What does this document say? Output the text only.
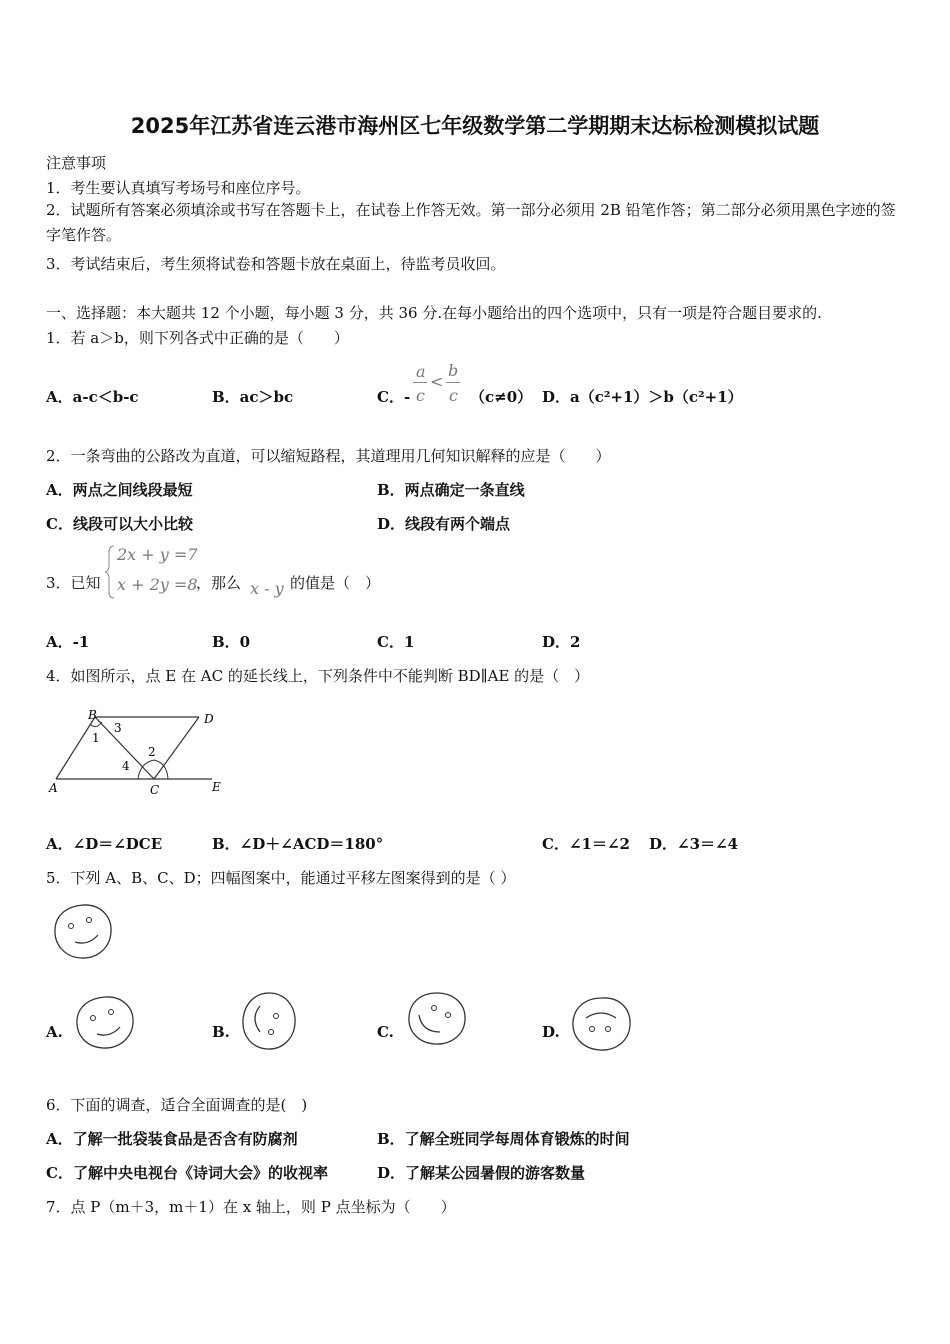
2025年江苏省连云港市海州区七年级数学第二学期期末达标检测模拟试题
注意事项
1．考生要认真填写考场号和座位序号。
2．试题所有答案必须填涂或书写在答题卡上，在试卷上作答无效。第一部分必须用 2B 铅笔作答；第二部分必须用黑色字迹的签字笔作答。
3．考试结束后，考生须将试卷和答题卡放在桌面上，待监考员收回。
一、选择题：本大题共 12 个小题，每小题 3 分，共 36 分.在每小题给出的四个选项中，只有一项是符合题目要求的.
1．若 a＞b，则下列各式中正确的是（　　）
A．a-c＜b-c	B．ac＞bc	C．-
a
c
<
b
c （c≠0） D．a（c²+1）＞b（c²+1）
2．一条弯曲的公路改为直道，可以缩短路程，其道理用几何知识解释的应是（　　）
A．两点之间线段最短	B．两点确定一条直线
C．线段可以大小比较	D．线段有两个端点
3．已知
2x + y =7
x + 2y =8
，那么 x - y 的值是（　）
A．-1	B．0	C．1	D．2
4．如图所示，点 E 在 AC 的延长线上，下列条件中不能判断 BD∥AE 的是（　）
B	D
A	C	E
1
3
2
4
A．∠D＝∠DCE	B．∠D＋∠ACD＝180°	C．∠1＝∠2 D．∠3＝∠4
5．下列 A、B、C、D；四幅图案中，能通过平移左图案得到的是（ ）
A.	B.	C.	D.
6．下面的调查，适合全面调查的是(　)
A．了解一批袋装食品是否含有防腐剂	B．了解全班同学每周体育锻炼的时间
C．了解中央电视台《诗词大会》的收视率	D．了解某公园暑假的游客数量
7．点 P（m＋3，m＋1）在 x 轴上，则 P 点坐标为（　　）
